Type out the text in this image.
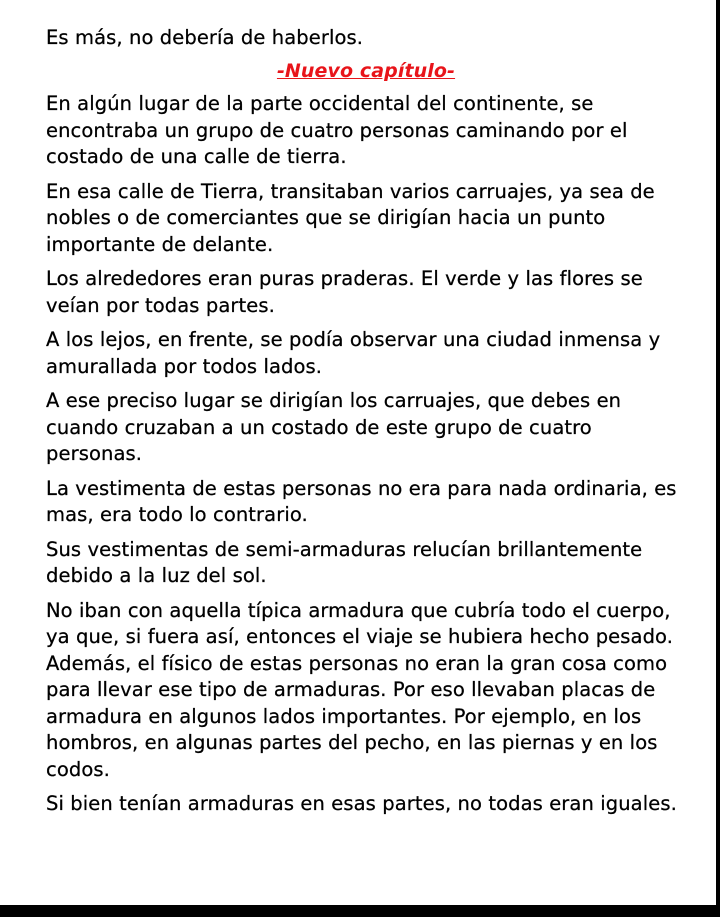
Es más, no debería de haberlos.

-Nuevo capítulo-

En algún lugar de la parte occidental del continente, se encontraba un grupo de cuatro personas caminando por el costado de una calle de tierra.

En esa calle de Tierra, transitaban varios carruajes, ya sea de nobles o de comerciantes que se dirigían hacia un punto importante de delante.

Los alrededores eran puras praderas. El verde y las flores se veían por todas partes.

A los lejos, en frente, se podía observar una ciudad inmensa y amurallada por todos lados.

A ese preciso lugar se dirigían los carruajes, que debes en cuando cruzaban a un costado de este grupo de cuatro personas.

La vestimenta de estas personas no era para nada ordinaria, es mas, era todo lo contrario.

Sus vestimentas de semi-armaduras relucían brillantemente debido a la luz del sol.

No iban con aquella típica armadura que cubría todo el cuerpo, ya que, si fuera así, entonces el viaje se hubiera hecho pesado. Además, el físico de estas personas no eran la gran cosa como para llevar ese tipo de armaduras. Por eso llevaban placas de armadura en algunos lados importantes. Por ejemplo, en los hombros, en algunas partes del pecho, en las piernas y en los codos.

Si bien tenían armaduras en esas partes, no todas eran iguales.
